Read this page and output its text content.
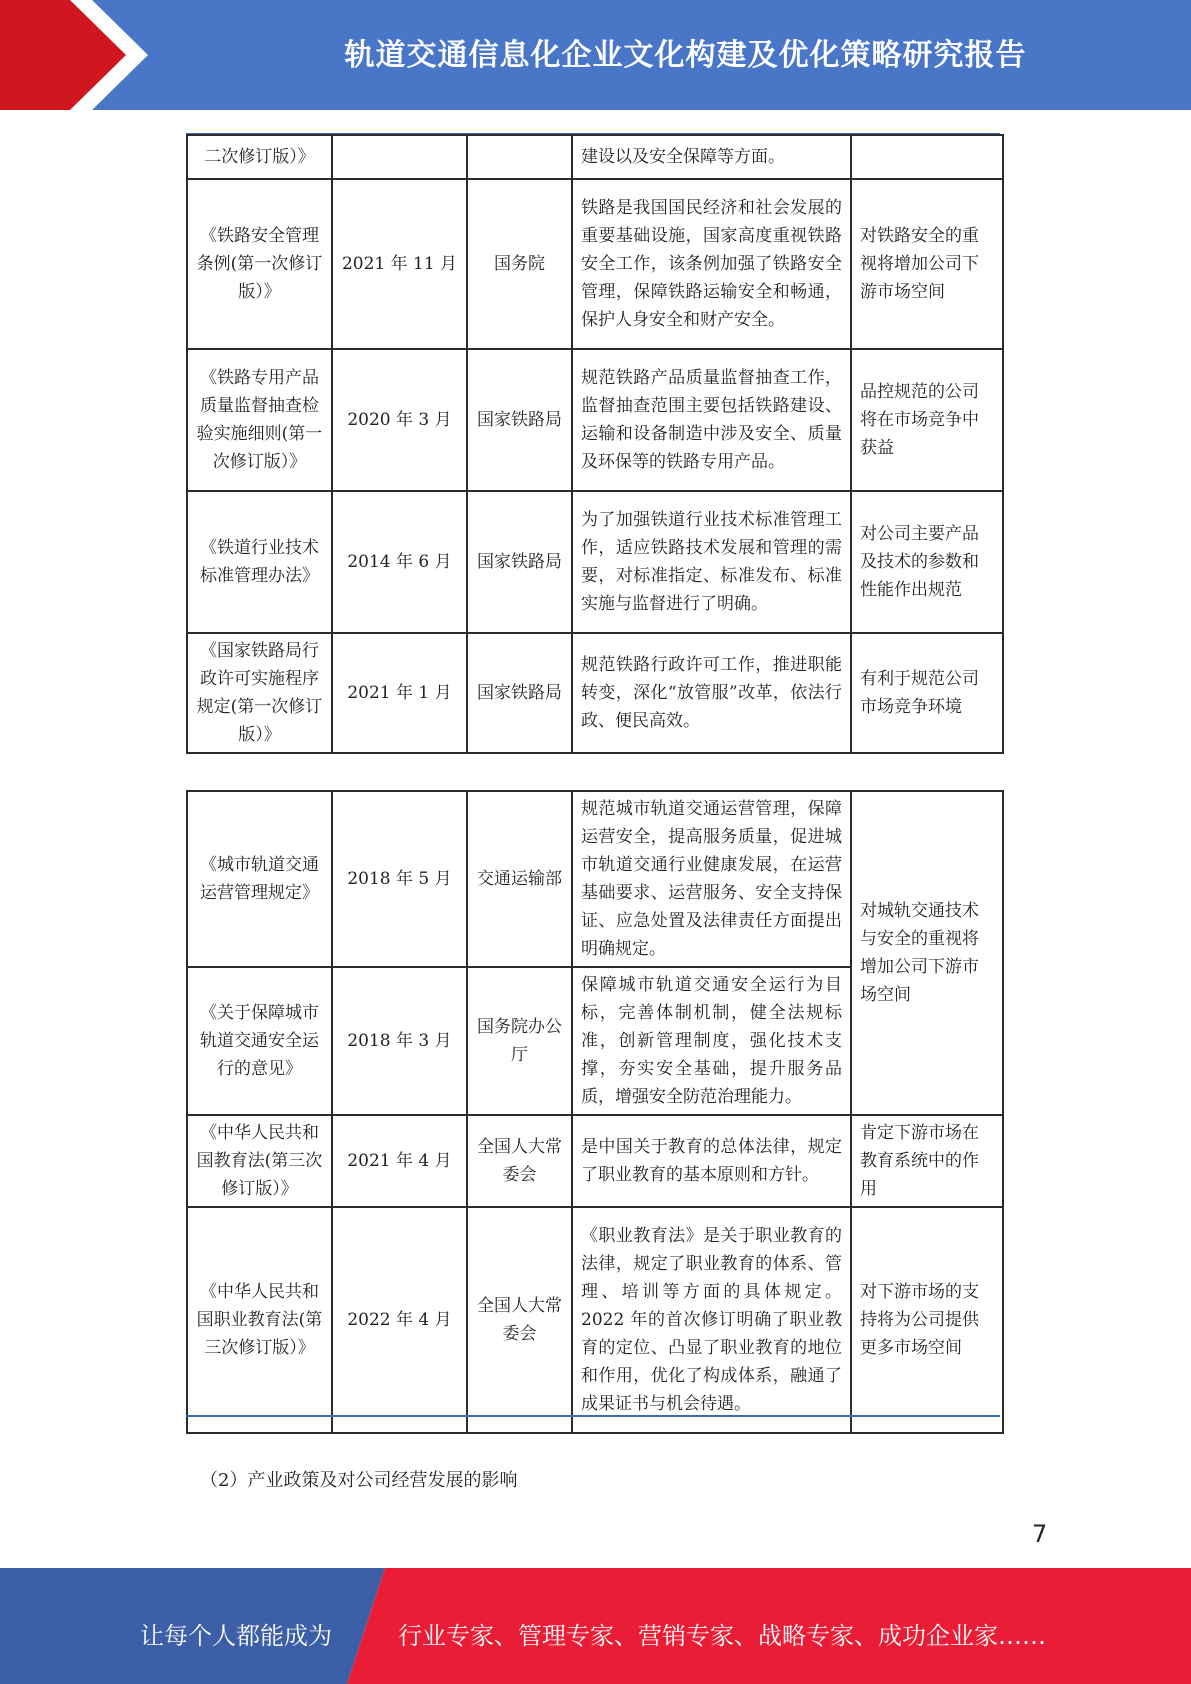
轨道交通信息化企业文化构建及优化策略研究报告
二次修订版）》			建设以及安全保障等方面。	
《铁路安全管理条例(第一次修订版）》	2021 年 11 月	国务院	铁路是我国国民经济和社会发展的重要基础设施，国家高度重视铁路安全工作，该条例加强了铁路安全管理，保障铁路运输安全和畅通，保护人身安全和财产安全。	对铁路安全的重视将增加公司下游市场空间
《铁路专用产品质量监督抽查检验实施细则(第一次修订版）》	2020 年 3 月	国家铁路局	规范铁路产品质量监督抽查工作，监督抽查范围主要包括铁路建设、运输和设备制造中涉及安全、质量及环保等的铁路专用产品。	品控规范的公司将在市场竞争中获益
《铁道行业技术标准管理办法》	2014 年 6 月	国家铁路局	为了加强铁道行业技术标准管理工作，适应铁路技术发展和管理的需要，对标准指定、标准发布、标准实施与监督进行了明确。	对公司主要产品及技术的参数和性能作出规范
《国家铁路局行政许可实施程序规定(第一次修订版）》	2021 年 1 月	国家铁路局	规范铁路行政许可工作，推进职能转变，深化“放管服”改革，依法行政、便民高效。	有利于规范公司市场竞争环境
《城市轨道交通运营管理规定》	2018 年 5 月	交通运输部	规范城市轨道交通运营管理，保障运营安全，提高服务质量，促进城市轨道交通行业健康发展，在运营基础要求、运营服务、安全支持保证、应急处置及法律责任方面提出明确规定。	对城轨交通技术与安全的重视将增加公司下游市场空间
《关于保障城市轨道交通安全运行的意见》	2018 年 3 月	国务院办公厅	保障城市轨道交通安全运行为目标，完善体制机制，健全法规标准，创新管理制度，强化技术支撑，夯实安全基础，提升服务品质，增强安全防范治理能力。	
《中华人民共和国教育法(第三次修订版）》	2021 年 4 月	全国人大常委会	是中国关于教育的总体法律，规定了职业教育的基本原则和方针。	肯定下游市场在教育系统中的作用
《中华人民共和国职业教育法(第三次修订版）》	2022 年 4 月	全国人大常委会	《职业教育法》是关于职业教育的法律，规定了职业教育的体系、管理、培训等方面的具体规定。2022 年的首次修订明确了职业教育的定位、凸显了职业教育的地位和作用，优化了构成体系，融通了成果证书与机会待遇。	对下游市场的支持将为公司提供更多市场空间
（2）产业政策及对公司经营发展的影响
7
让每个人都能成为	行业专家、管理专家、营销专家、战略专家、成功企业家……
